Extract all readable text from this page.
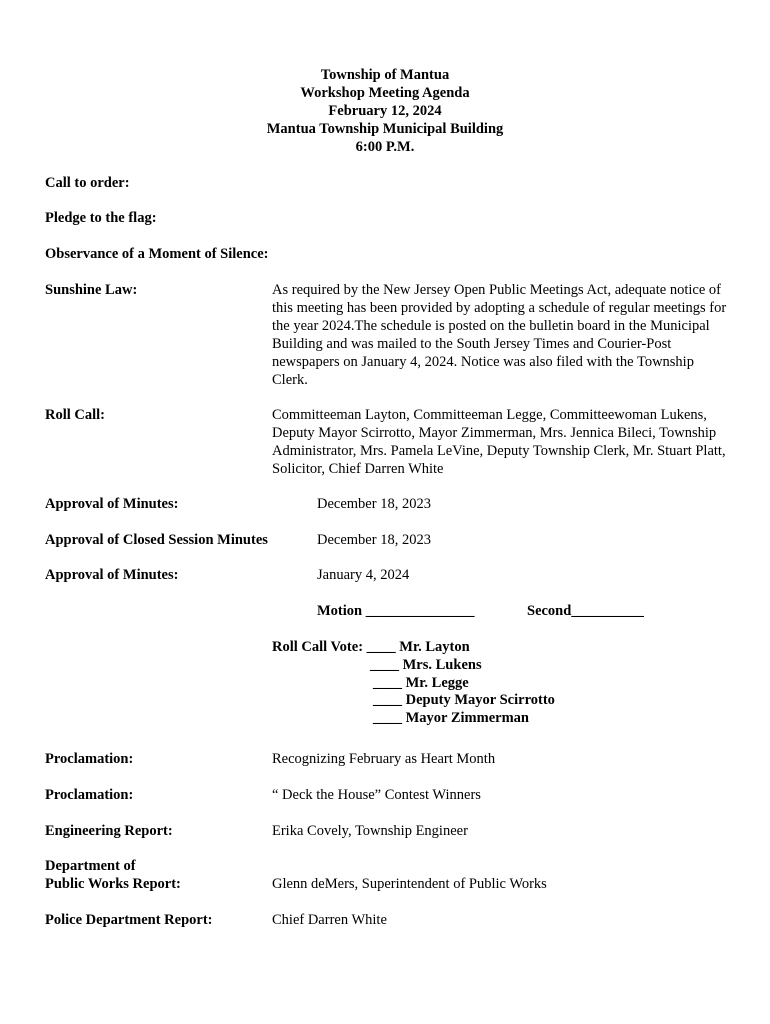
Township of Mantua
Workshop Meeting Agenda
February 12, 2024
Mantua Township Municipal Building
6:00 P.M.
Call to order:
Pledge to the flag:
Observance of a Moment of Silence:
Sunshine Law:	As required by the New Jersey Open Public Meetings Act, adequate notice of this meeting has been provided by adopting a schedule of regular meetings for the year 2024.The schedule is posted on the bulletin board in the Municipal Building and was mailed to the South Jersey Times and Courier-Post newspapers on January 4, 2024. Notice was also filed with the Township Clerk.
Roll Call:	Committeeman Layton, Committeeman Legge, Committeewoman Lukens, Deputy Mayor Scirrotto, Mayor Zimmerman, Mrs. Jennica Bileci, Township Administrator, Mrs. Pamela LeVine, Deputy Township Clerk, Mr. Stuart Platt, Solicitor, Chief Darren White
Approval of Minutes:	December 18, 2023
Approval of Closed Session Minutes	December 18, 2023
Approval of Minutes:	January 4, 2024
Motion _______________	Second__________
Roll Call Vote: ____ Mr. Layton
____ Mrs. Lukens
____ Mr. Legge
____ Deputy Mayor Scirrotto
____ Mayor Zimmerman
Proclamation:	Recognizing February as Heart Month
Proclamation:	“ Deck the House” Contest Winners
Engineering Report:	Erika Covely, Township Engineer
Department of
Public Works Report:	Glenn deMers, Superintendent of Public Works
Police Department Report:	Chief Darren White
